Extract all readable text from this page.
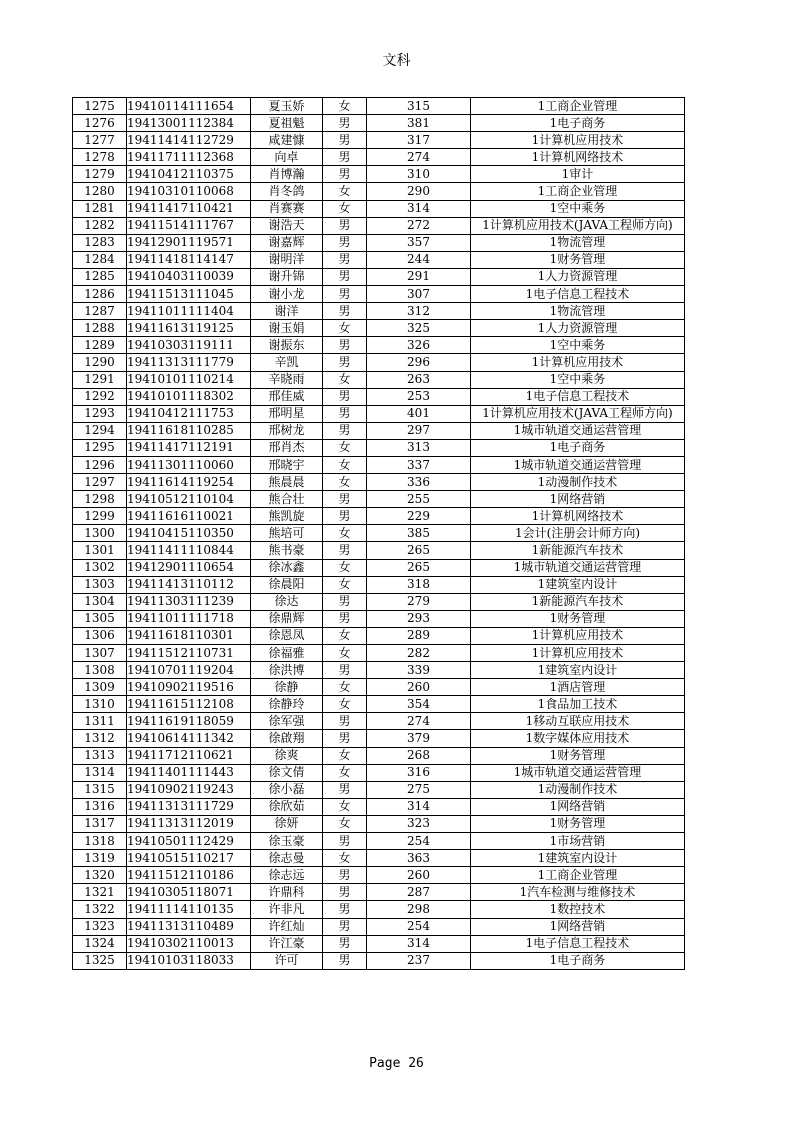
文科
1275	19410114111654	夏玉娇	女	315	1工商企业管理
1276	19413001112384	夏祖魁	男	381	1电子商务
1277	19411414112729	咸建慷	男	317	1计算机应用技术
1278	19411711112368	向卓	男	274	1计算机网络技术
1279	19410412110375	肖博瀚	男	310	1审计
1280	19410310110068	肖冬鸽	女	290	1工商企业管理
1281	19411417110421	肖赛赛	女	314	1空中乘务
1282	19411514111767	谢浩天	男	272	1计算机应用技术(JAVA工程师方向)
1283	19412901119571	谢嘉辉	男	357	1物流管理
1284	19411418114147	谢明洋	男	244	1财务管理
1285	19410403110039	谢升锦	男	291	1人力资源管理
1286	19411513111045	谢小龙	男	307	1电子信息工程技术
1287	19411011111404	谢洋	男	312	1物流管理
1288	19411613119125	谢玉娟	女	325	1人力资源管理
1289	19410303119111	谢振东	男	326	1空中乘务
1290	19411313111779	辛凯	男	296	1计算机应用技术
1291	19410101110214	辛晓雨	女	263	1空中乘务
1292	19410101118302	邢佳威	男	253	1电子信息工程技术
1293	19410412111753	邢明星	男	401	1计算机应用技术(JAVA工程师方向)
1294	19411618110285	邢树龙	男	297	1城市轨道交通运营管理
1295	19411417112191	邢肖杰	女	313	1电子商务
1296	19411301110060	邢晓宇	女	337	1城市轨道交通运营管理
1297	19411614119254	熊晨晨	女	336	1动漫制作技术
1298	19410512110104	熊合壮	男	255	1网络营销
1299	19411616110021	熊凯旋	男	229	1计算机网络技术
1300	19410415110350	熊培可	女	385	1会计(注册会计师方向)
1301	19411411110844	熊书豪	男	265	1新能源汽车技术
1302	19412901110654	徐冰鑫	女	265	1城市轨道交通运营管理
1303	19411413110112	徐晨阳	女	318	1建筑室内设计
1304	19411303111239	徐达	男	279	1新能源汽车技术
1305	19411011111718	徐鼎辉	男	293	1财务管理
1306	19411618110301	徐恩凤	女	289	1计算机应用技术
1307	19411512110731	徐福雅	女	282	1计算机应用技术
1308	19410701119204	徐洪博	男	339	1建筑室内设计
1309	19410902119516	徐静	女	260	1酒店管理
1310	19411615112108	徐静玲	女	354	1食品加工技术
1311	19411619118059	徐军强	男	274	1移动互联应用技术
1312	19410614111342	徐啟翔	男	379	1数字媒体应用技术
1313	19411712110621	徐爽	女	268	1财务管理
1314	19411401111443	徐文倩	女	316	1城市轨道交通运营管理
1315	19410902119243	徐小磊	男	275	1动漫制作技术
1316	19411313111729	徐欣茹	女	314	1网络营销
1317	19411313112019	徐妍	女	323	1财务管理
1318	19410501112429	徐玉豪	男	254	1市场营销
1319	19410515110217	徐志曼	女	363	1建筑室内设计
1320	19411512110186	徐志远	男	260	1工商企业管理
1321	19410305118071	许鼎科	男	287	1汽车检测与维修技术
1322	19411114110135	许非凡	男	298	1数控技术
1323	19411313110489	许红灿	男	254	1网络营销
1324	19410302110013	许江豪	男	314	1电子信息工程技术
1325	19410103118033	许可	男	237	1电子商务
Page 26
